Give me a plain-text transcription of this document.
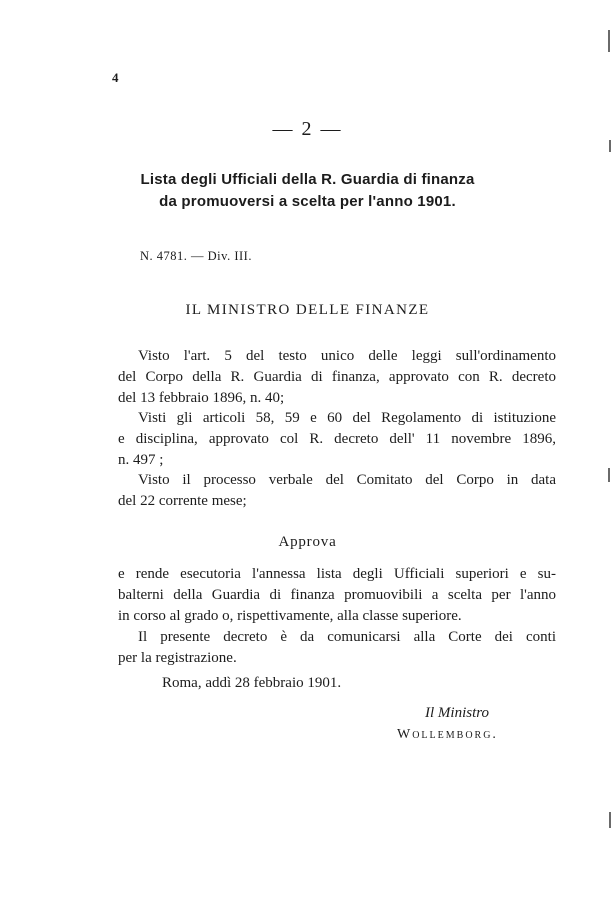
4
— 2 —
Lista degli Ufficiali della R. Guardia di finanza
da promuoversi a scelta per l'anno 1901.
N. 4781. — Div. III.
IL MINISTRO DELLE FINANZE
Visto l'art. 5 del testo unico delle leggi sull'ordinamento
del Corpo della R. Guardia di finanza, approvato con R. decreto
del 13 febbraio 1896, n. 40;
Visti gli articoli 58, 59 e 60 del Regolamento di istituzione
e disciplina, approvato col R. decreto dell' 11 novembre 1896,
n. 497 ;
Visto il processo verbale del Comitato del Corpo in data
del 22 corrente mese;
Approva
e rende esecutoria l'annessa lista degli Ufficiali superiori e su-
balterni della Guardia di finanza promuovibili a scelta per l'anno
in corso al grado o, rispettivamente, alla classe superiore.
Il presente decreto è da comunicarsi alla Corte dei conti
per la registrazione.
Roma, addì 28 febbraio 1901.
Il Ministro
Wollemborg.
